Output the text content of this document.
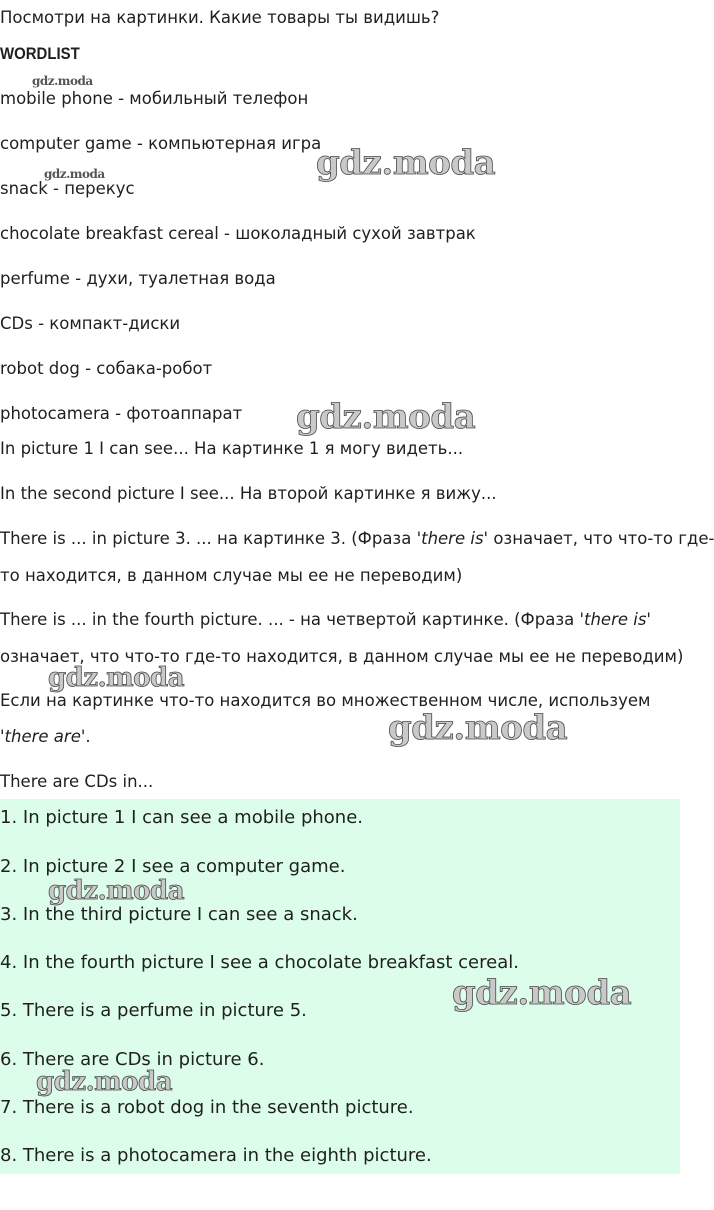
Посмотри на картинки. Какие товары ты видишь?
WORDLIST
mobile phone - мобильный телефон
computer game - компьютерная игра
snack - перекус
chocolate breakfast cereal - шоколадный сухой завтрак
perfume - духи, туалетная вода
CDs - компакт-диски
robot dog - собака-робот
photocamera - фотоаппарат
In picture 1 I can see... На картинке 1 я могу видеть...
In the second picture I see... На второй картинке я вижу...
There is ... in picture 3. ... на картинке 3. (Фраза 'there is' означает, что что-то где-
то находится, в данном случае мы ее не переводим)
There is ... in the fourth picture. ... - на четвертой картинке. (Фраза 'there is'
означает, что что-то где-то находится, в данном случае мы ее не переводим)
Если на картинке что-то находится во множественном числе, используем
'there are'.
There are CDs in...
1. In picture 1 I can see a mobile phone.
2. In picture 2 I see a computer game.
3. In the third picture I can see a snack.
4. In the fourth picture I see a chocolate breakfast cereal.
5. There is a perfume in picture 5.
6. There are CDs in picture 6.
7. There is a robot dog in the seventh picture.
8. There is a photocamera in the eighth picture.
gdz.moda
gdz.moda
gdz.moda
gdz.moda
gdz.moda
gdz.moda
gdz.moda
gdz.moda
gdz.moda
